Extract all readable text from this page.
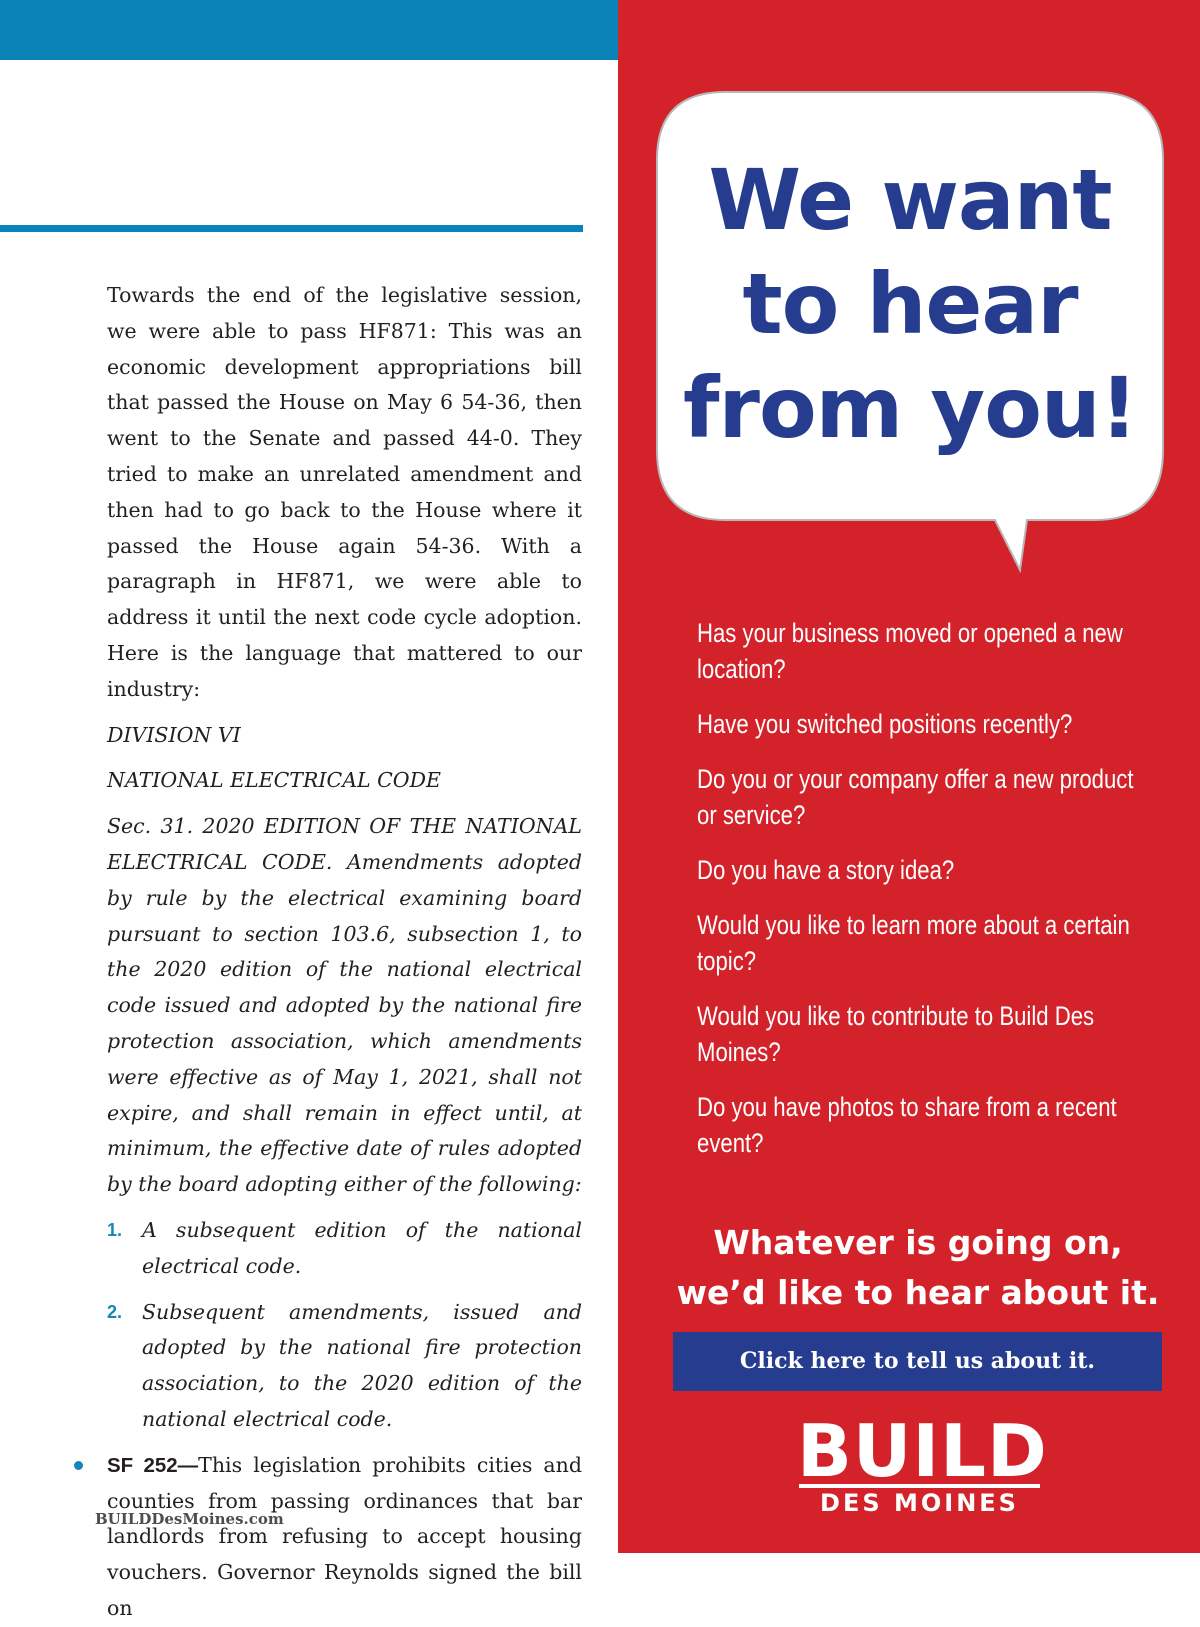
Towards the end of the legislative session, we were able to pass HF871: This was an economic development appropriations bill that passed the House on May 6 54-36, then went to the Senate and passed 44-0. They tried to make an unrelated amendment and then had to go back to the House where it passed the House again 54-36. With a paragraph in HF871, we were able to address it until the next code cycle adoption. Here is the language that mattered to our industry:

DIVISION VI
NATIONAL ELECTRICAL CODE

Sec. 31. 2020 EDITION OF THE NATIONAL ELECTRICAL CODE. Amendments adopted by rule by the electrical examining board pursuant to section 103.6, subsection 1, to the 2020 edition of the national electrical code issued and adopted by the national fire protection association, which amendments were effective as of May 1, 2021, shall not expire, and shall remain in effect until, at minimum, the effective date of rules adopted by the board adopting either of the following:

1. A subsequent edition of the national electrical code.
2. Subsequent amendments, issued and adopted by the national fire protection association, to the 2020 edition of the national electrical code.
SF 252—This legislation prohibits cities and counties from passing ordinances that bar landlords from refusing to accept housing vouchers. Governor Reynolds signed the bill on
BUILDDesMoines.com
We want
to hear
from you!
Has your business moved or opened a new location?
Have you switched positions recently?
Do you or your company offer a new product or service?
Do you have a story idea?
Would you like to learn more about a certain topic?
Would you like to contribute to Build Des Moines?
Do you have photos to share from a recent event?
Whatever is going on,
we’d like to hear about it.
Click here to tell us about it.
BUILD
DES MOINES
